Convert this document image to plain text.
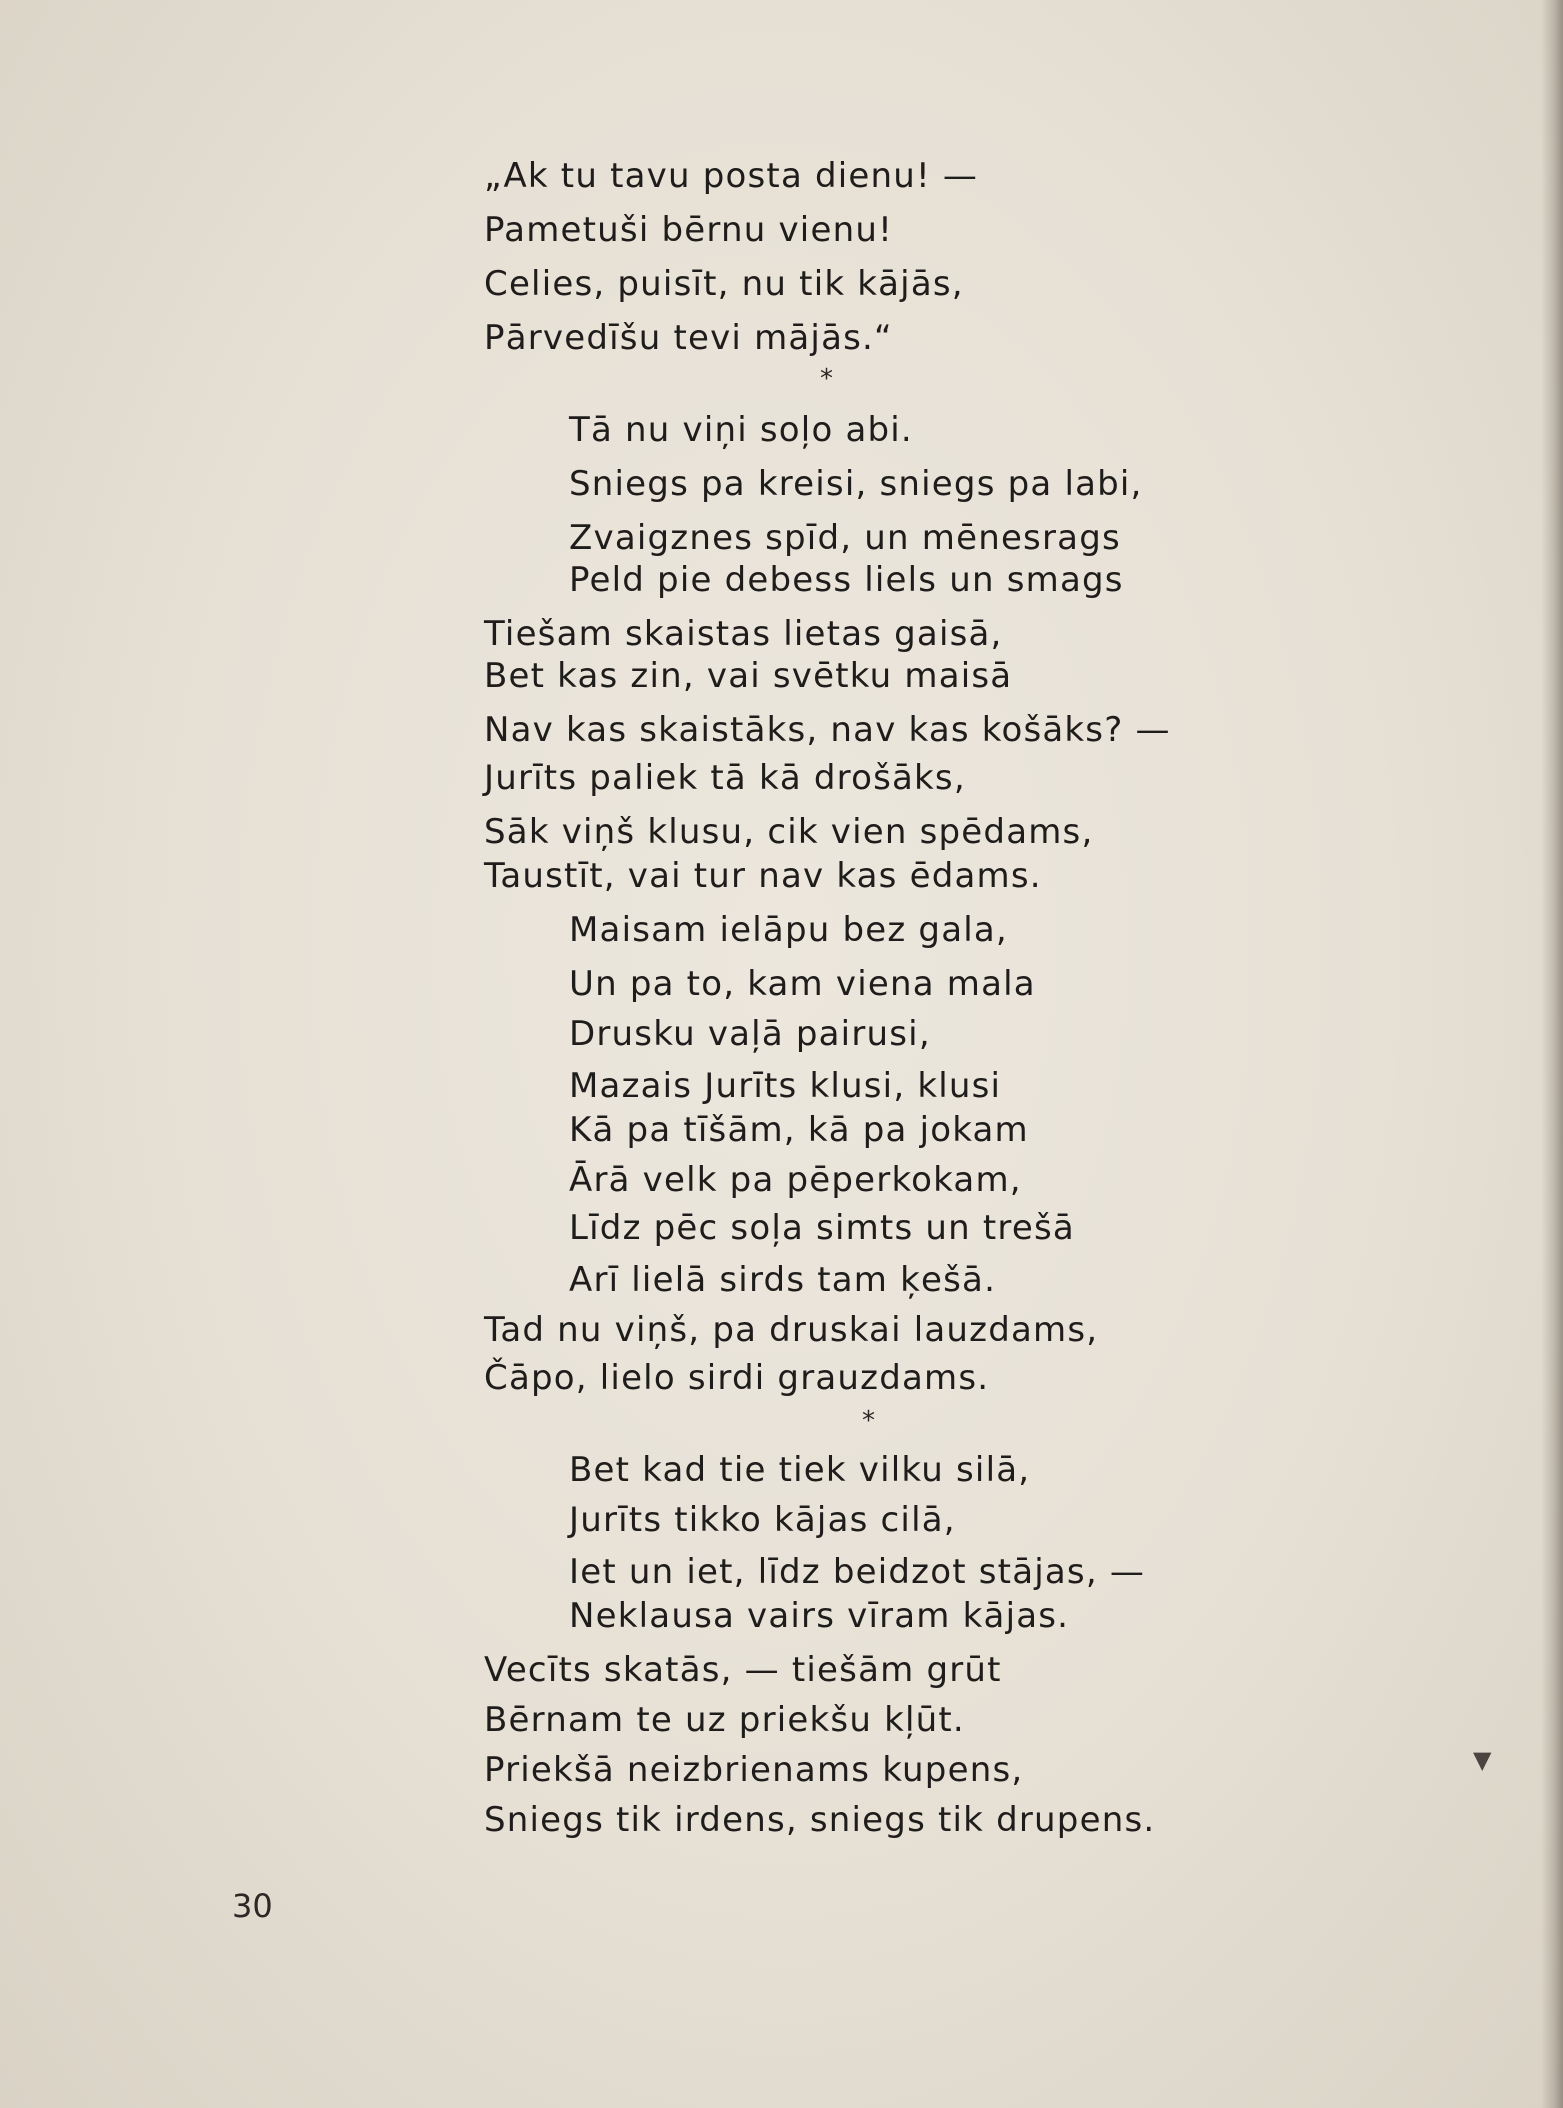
„Ak tu tavu posta dienu! —
Pametuši bērnu vienu!
Celies, puisīt, nu tik kājās,
Pārvedīšu tevi mājās.“
*
Tā nu viņi soļo abi.
Sniegs pa kreisi, sniegs pa labi,
Zvaigznes spīd, un mēnesrags
Peld pie debess liels un smags
Tiešam skaistas lietas gaisā,
Bet kas zin, vai svētku maisā
Nav kas skaistāks, nav kas košāks? —
Jurīts paliek tā kā drošāks,
Sāk viņš klusu, cik vien spēdams,
Taustīt, vai tur nav kas ēdams.
Maisam ielāpu bez gala,
Un pa to, kam viena mala
Drusku vaļā pairusi,
Mazais Jurīts klusi, klusi
Kā pa tīšām, kā pa jokam
Ārā velk pa pēperkokam,
Līdz pēc soļa simts un trešā
Arī lielā sirds tam ķešā.
Tad nu viņš, pa druskai lauzdams,
Čāpo, lielo sirdi grauzdams.
*
Bet kad tie tiek vilku silā,
Jurīts tikko kājas cilā,
Iet un iet, līdz beidzot stājas, —
Neklausa vairs vīram kājas.
Vecīts skatās, — tiešām grūt
Bērnam te uz priekšu kļūt.
Priekšā neizbrienams kupens,
Sniegs tik irdens, sniegs tik drupens.
▼
30
